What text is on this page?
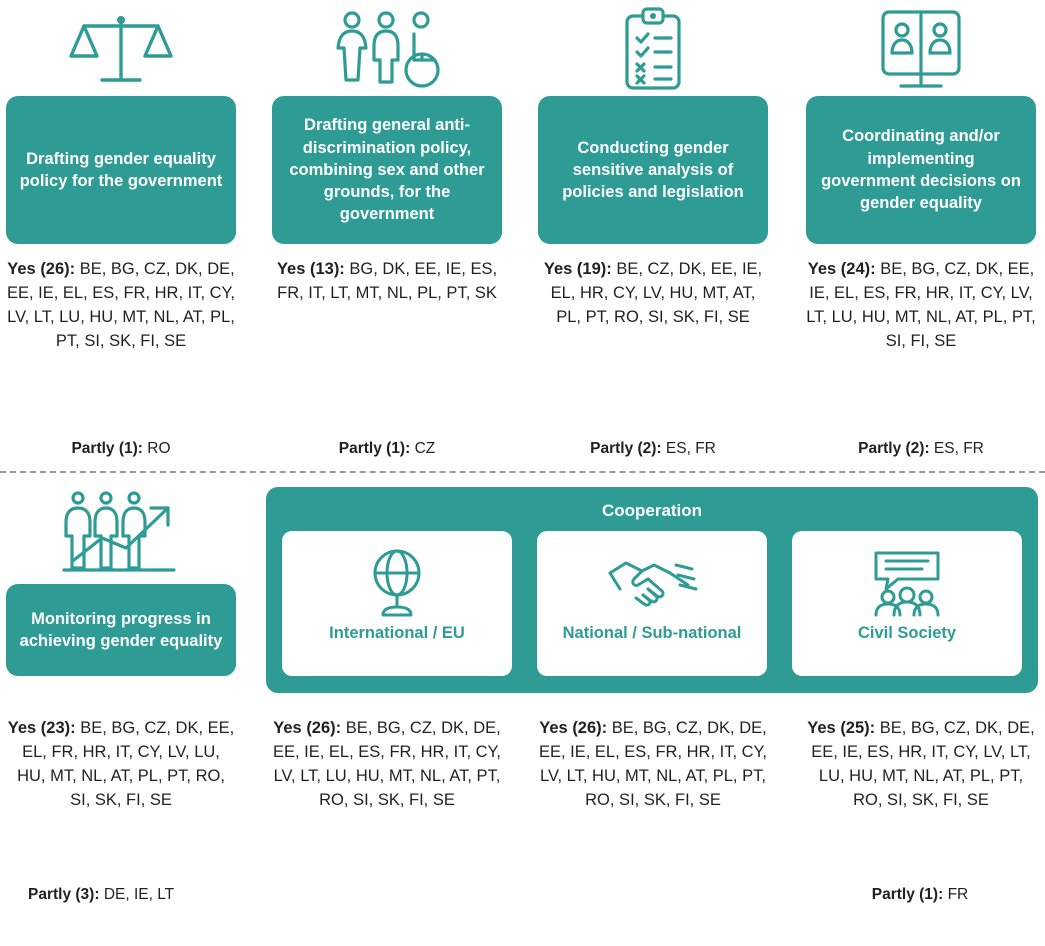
Drafting gender equality policy for the government
Yes (26): BE, BG, CZ, DK, DE, EE, IE, EL, ES, FR, HR, IT, CY, LV, LT, LU, HU, MT, NL, AT, PL, PT, SI, SK, FI, SE
Drafting general anti-discrimination policy, combining sex and other grounds, for the government
Yes (13): BG, DK, EE, IE, ES, FR, IT, LT, MT, NL, PL, PT, SK
Conducting gender sensitive analysis of policies and legislation
Yes (19): BE, CZ, DK, EE, IE, EL, HR, CY, LV, HU, MT, AT, PL, PT, RO, SI, SK, FI, SE
Coordinating and/or implementing government decisions on gender equality
Yes (24): BE, BG, CZ, DK, EE, IE, EL, ES, FR, HR, IT, CY, LV, LT, LU, HU, MT, NL, AT, PL, PT, SI, FI, SE
Partly (1): RO	Partly (1): CZ	Partly (2): ES, FR	Partly (2): ES, FR
Monitoring progress in achieving gender equality
Cooperation
International / EU	National / Sub-national	Civil Society
Yes (23): BE, BG, CZ, DK, EE, EL, FR, HR, IT, CY, LV, LU, HU, MT, NL, AT, PL, PT, RO, SI, SK, FI, SE
Yes (26): BE, BG, CZ, DK, DE, EE, IE, EL, ES, FR, HR, IT, CY, LV, LT, LU, HU, MT, NL, AT, PT, RO, SI, SK, FI, SE
Yes (26): BE, BG, CZ, DK, DE, EE, IE, EL, ES, FR, HR, IT, CY, LV, LT, HU, MT, NL, AT, PL, PT, RO, SI, SK, FI, SE
Yes (25): BE, BG, CZ, DK, DE, EE, IE, ES, HR, IT, CY, LV, LT, LU, HU, MT, NL, AT, PL, PT, RO, SI, SK, FI, SE
Partly (3): DE, IE, LT	Partly (1): FR
